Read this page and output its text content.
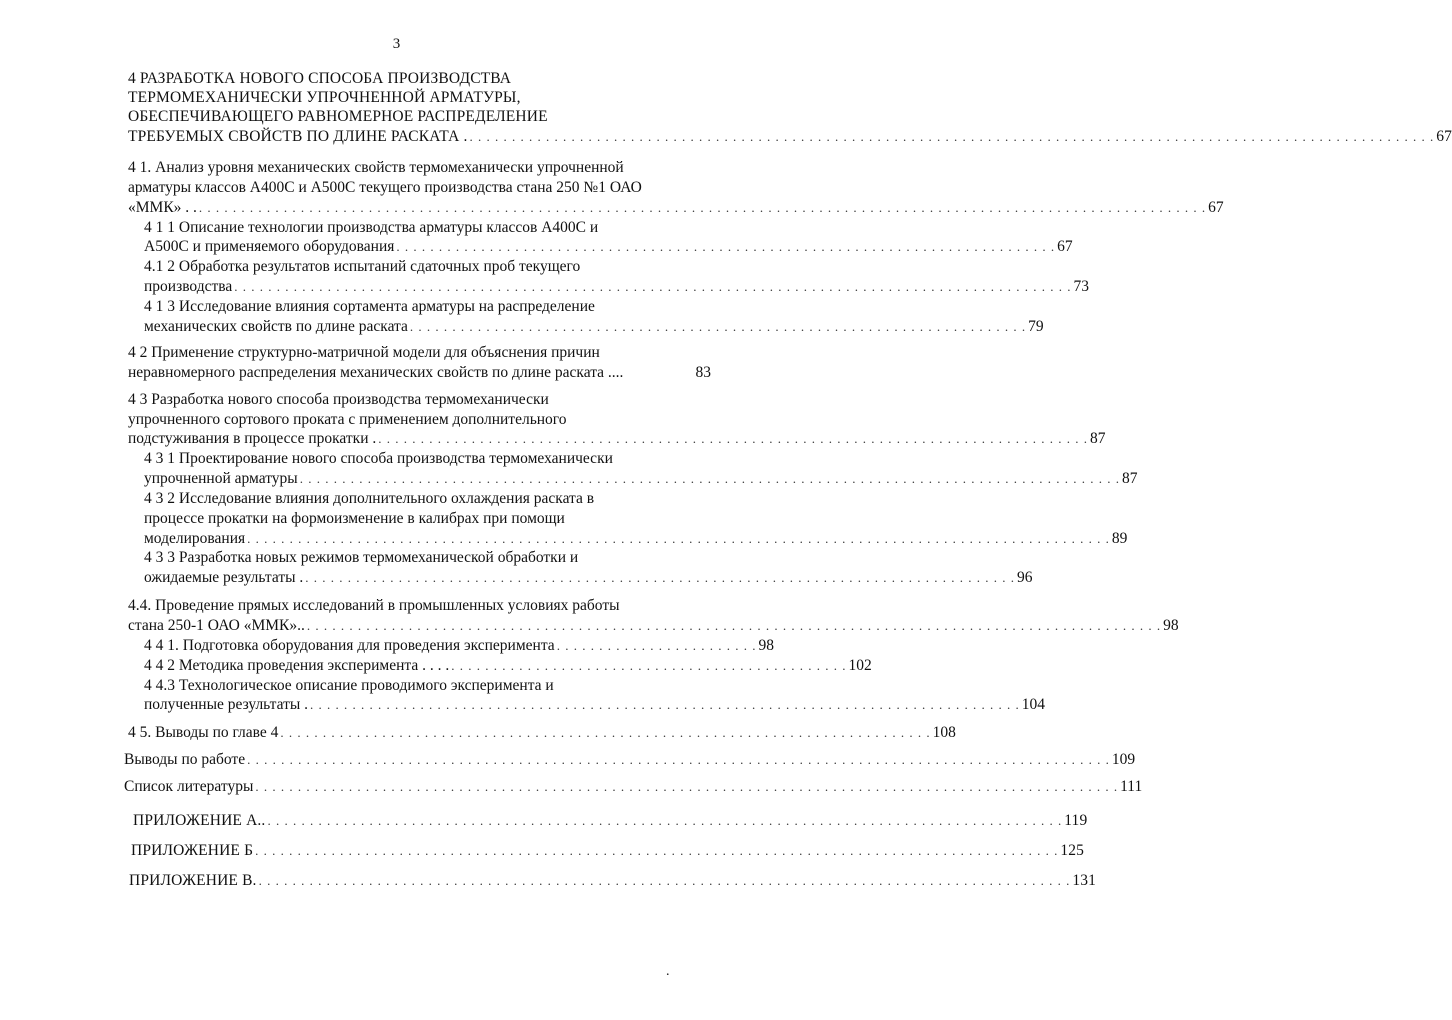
3
4 РАЗРАБОТКА НОВОГО СПОСОБА ПРОИЗВОДСТВА
ТЕРМОМЕХАНИЧЕСКИ УПРОЧНЕННОЙ АРМАТУРЫ,
ОБЕСПЕЧИВАЮЩЕГО РАВНОМЕРНОЕ РАСПРЕДЕЛЕНИЕ
ТРЕБУЕМЫХ СВОЙСТВ ПО ДЛИНЕ РАСКАТА . . . . . . . . . . . . . . . . . . . . . . . . . . . . . . . . . . . . . . . . . . . . . . . . . . . . . . . . . . . . . . . . . . . . . . . . . . . . . . . . . . . . . . . . . . . . . . . . . . . . . . . . . . . . . . . . . . . 67
4 1. Анализ уровня механических свойств термомеханически упрочненной
арматуры классов А400С и А500С текущего производства стана 250 №1 ОАО
«ММК» . . . . . . . . . . . . . . . . . . . . . . . . . . . . . . . . . . . . . . . . . . . . . . . . . . . . . . . . . . . . . . . . . . . . . . . . . . . . . . . . . . . . . . . . . . . . . . . . . . . . . . . . . . . . . . . . . . . . . . . . . 67
4 1 1 Описание технологии производства арматуры классов А400С и
А500С и применяемого оборудования . . . . . . . . . . . . . . . . . . . . . . . . . . . . . . . . . . . . . . . . . . . . . . . . . . . . . . . . . . . . . . . . . . . . . . . . . . . . . . 67
4.1 2 Обработка результатов испытаний сдаточных проб текущего
производства . . . . . . . . . . . . . . . . . . . . . . . . . . . . . . . . . . . . . . . . . . . . . . . . . . . . . . . . . . . . . . . . . . . . . . . . . . . . . . . . . . . . . . . . . . . . . . . . . . . 73
4 1 3 Исследование влияния сортамента арматуры на распределение
механических свойств по длине раската . . . . . . . . . . . . . . . . . . . . . . . . . . . . . . . . . . . . . . . . . . . . . . . . . . . . . . . . . . . . . . . . . . . . . . . . . 79
4 2 Применение структурно-матричной модели для объяснения причин
неравномерного распределения механических свойств по длине раската ....	83
4 3 Разработка нового способа производства термомеханически
упрочненного сортового проката с применением дополнительного
подстуживания в процессе прокатки . . . . . . . . . . . . . . . . . . . . . . . . . . . . . . . . . . . . . . . . . . . . . . . . . . . . . . . . . . . . . . . . . . . . . . . . . . . . . . . . . . . . . 87
4 3 1 Проектирование нового способа производства термомеханически
упрочненной арматуры . . . . . . . . . . . . . . . . . . . . . . . . . . . . . . . . . . . . . . . . . . . . . . . . . . . . . . . . . . . . . . . . . . . . . . . . . . . . . . . . . . . . . . . . . . . . . . . . . 87
4 3 2 Исследование влияния дополнительного охлаждения раската в
процессе прокатки на формоизменение в калибрах при помощи
моделирования . . . . . . . . . . . . . . . . . . . . . . . . . . . . . . . . . . . . . . . . . . . . . . . . . . . . . . . . . . . . . . . . . . . . . . . . . . . . . . . . . . . . . . . . . . . . . . . . . . . . . . 89
4 3 3 Разработка новых режимов термомеханической обработки и
ожидаемые результаты . . . . . . . . . . . . . . . . . . . . . . . . . . . . . . . . . . . . . . . . . . . . . . . . . . . . . . . . . . . . . . . . . . . . . . . . . . . . . . . . . . . . . 96
4.4. Проведение прямых исследований в промышленных условиях работы
стана 250-1 ОАО «ММК».. . . . . . . . . . . . . . . . . . . . . . . . . . . . . . . . . . . . . . . . . . . . . . . . . . . . . . . . . . . . . . . . . . . . . . . . . . . . . . . . . . . . . . . . . . . . . . . . . . . . . . 98
4 4 1. Подготовка оборудования для проведения эксперимента . . . . . . . . . . . . . . . . . . . . . . . . 98
4 4 2 Методика проведения эксперимента . . . . . . . . . . . . . . . . . . . . . . . . . . . . . . . . . . . . . . . . . . . . . . . . . . . 102
4 4.3 Технологическое описание проводимого эксперимента и
полученные результаты . . . . . . . . . . . . . . . . . . . . . . . . . . . . . . . . . . . . . . . . . . . . . . . . . . . . . . . . . . . . . . . . . . . . . . . . . . . . . . . . . . . . . 104
4 5. Выводы по главе 4 . . . . . . . . . . . . . . . . . . . . . . . . . . . . . . . . . . . . . . . . . . . . . . . . . . . . . . . . . . . . . . . . . . . . . . . . . . . . . 108
Выводы по работе . . . . . . . . . . . . . . . . . . . . . . . . . . . . . . . . . . . . . . . . . . . . . . . . . . . . . . . . . . . . . . . . . . . . . . . . . . . . . . . . . . . . . . . . . . . . . . . . . . . . . . 109
Список литературы . . . . . . . . . . . . . . . . . . . . . . . . . . . . . . . . . . . . . . . . . . . . . . . . . . . . . . . . . . . . . . . . . . . . . . . . . . . . . . . . . . . . . . . . . . . . . . . . . . . . . . 111
ПРИЛОЖЕНИЕ А.. . . . . . . . . . . . . . . . . . . . . . . . . . . . . . . . . . . . . . . . . . . . . . . . . . . . . . . . . . . . . . . . . . . . . . . . . . . . . . . . . . . . . . . . . . . . . . . 119
ПРИЛОЖЕНИЕ Б . . . . . . . . . . . . . . . . . . . . . . . . . . . . . . . . . . . . . . . . . . . . . . . . . . . . . . . . . . . . . . . . . . . . . . . . . . . . . . . . . . . . . . . . . . . . . . . 125
ПРИЛОЖЕНИЕ В. . . . . . . . . . . . . . . . . . . . . . . . . . . . . . . . . . . . . . . . . . . . . . . . . . . . . . . . . . . . . . . . . . . . . . . . . . . . . . . . . . . . . . . . . . . . . . . . . 131
.
